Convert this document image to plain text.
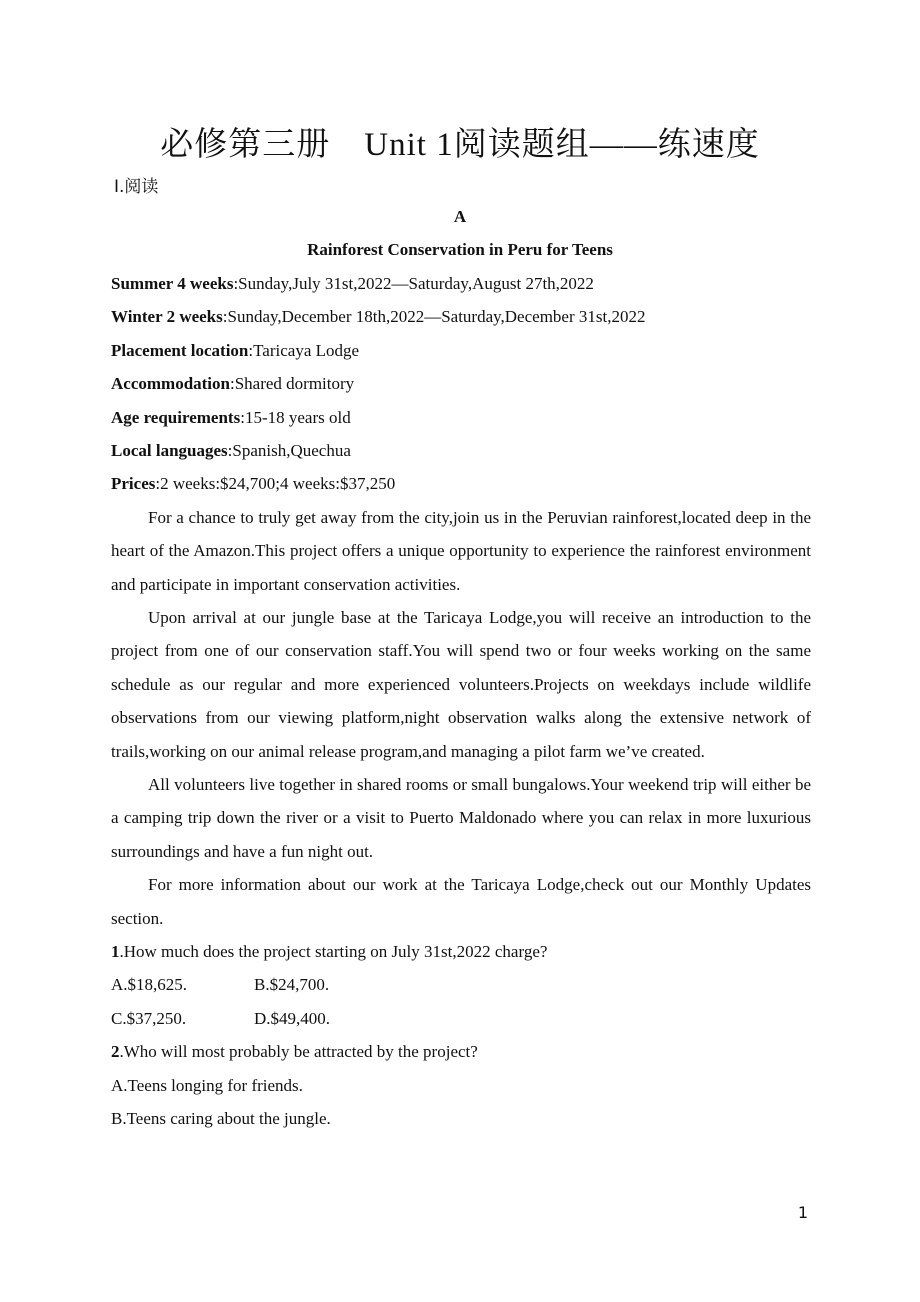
必修第三册　Unit 1阅读题组——练速度
Ⅰ.阅读
A
Rainforest Conservation in Peru for Teens
Summer 4 weeks:Sunday,July 31st,2022—Saturday,August 27th,2022
Winter 2 weeks:Sunday,December 18th,2022—Saturday,December 31st,2022
Placement location:Taricaya Lodge
Accommodation:Shared dormitory
Age requirements:15-18 years old
Local languages:Spanish,Quechua
Prices:2 weeks:$24,700;4 weeks:$37,250
For a chance to truly get away from the city,join us in the Peruvian rainforest,located deep in the heart of the Amazon.This project offers a unique opportunity to experience the rainforest environment and participate in important conservation activities.
Upon arrival at our jungle base at the Taricaya Lodge,you will receive an introduction to the project from one of our conservation staff.You will spend two or four weeks working on the same schedule as our regular and more experienced volunteers.Projects on weekdays include wildlife observations from our viewing platform,night observation walks along the extensive network of trails,working on our animal release program,and managing a pilot farm we’ve created.
All volunteers live together in shared rooms or small bungalows.Your weekend trip will either be a camping trip down the river or a visit to Puerto Maldonado where you can relax in more luxurious surroundings and have a fun night out.
For more information about our work at the Taricaya Lodge,check out our Monthly Updates section.
1.How much does the project starting on July 31st,2022 charge?
A.$18,625.	B.$24,700.
C.$37,250.	D.$49,400.
2.Who will most probably be attracted by the project?
A.Teens longing for friends.
B.Teens caring about the jungle.
1
